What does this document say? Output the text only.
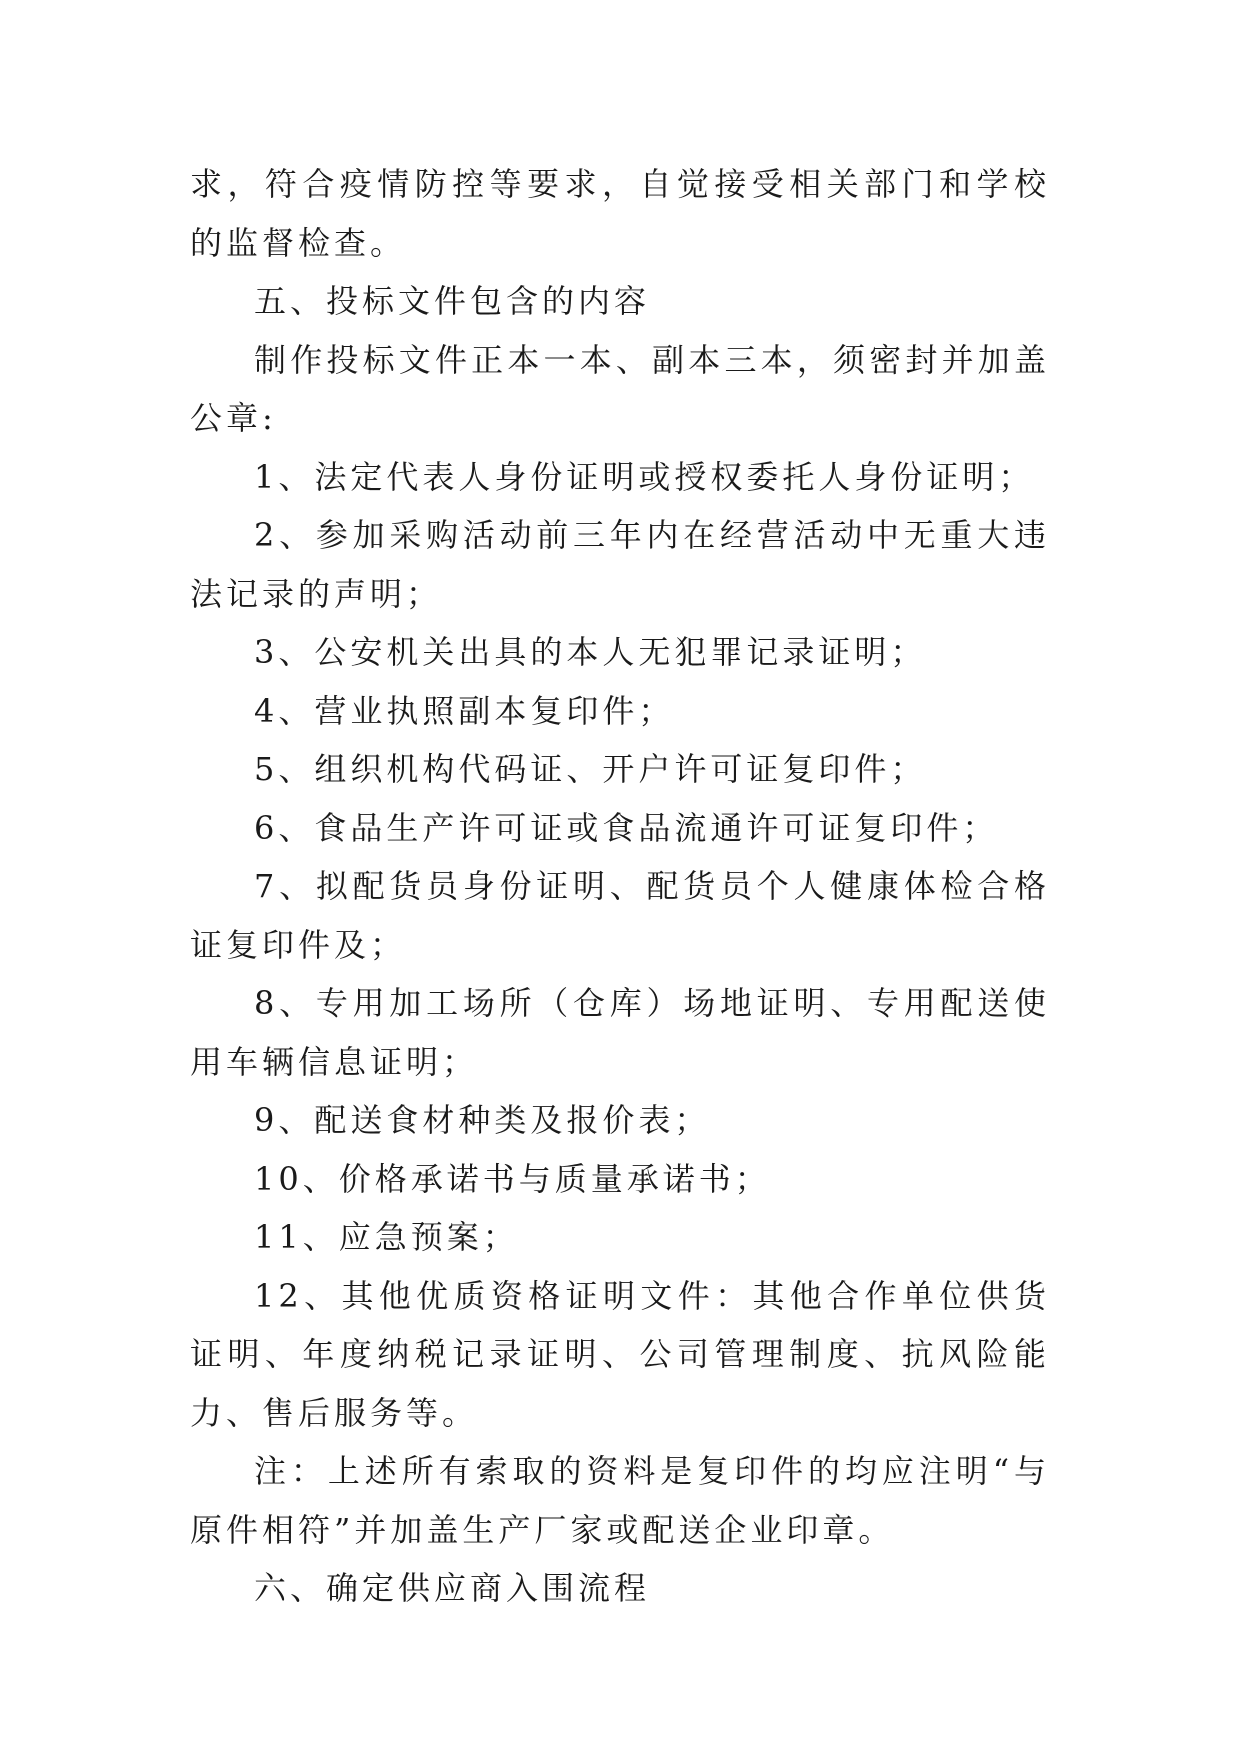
求，符合疫情防控等要求，自觉接受相关部门和学校的监督检查。

五、投标文件包含的内容

制作投标文件正本一本、副本三本，须密封并加盖公章:

1、法定代表人身份证明或授权委托人身份证明；

2、参加采购活动前三年内在经营活动中无重大违法记录的声明；

3、公安机关出具的本人无犯罪记录证明；

4、营业执照副本复印件；

5、组织机构代码证、开户许可证复印件；

6、食品生产许可证或食品流通许可证复印件；

7、拟配货员身份证明、配货员个人健康体检合格证复印件及；

8、专用加工场所（仓库）场地证明、专用配送使用车辆信息证明；

9、配送食材种类及报价表；

10、价格承诺书与质量承诺书；

11、应急预案；

12、其他优质资格证明文件：其他合作单位供货证明、年度纳税记录证明、公司管理制度、抗风险能力、售后服务等。

注：上述所有索取的资料是复印件的均应注明“与原件相符”并加盖生产厂家或配送企业印章。

六、确定供应商入围流程
